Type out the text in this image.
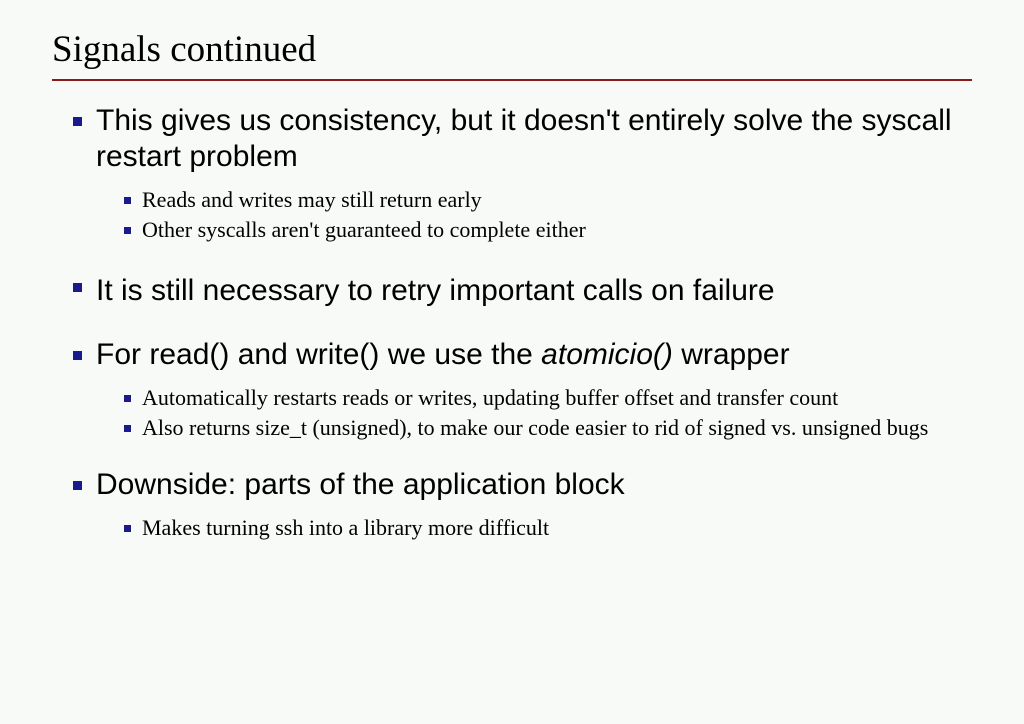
Signals continued
This gives us consistency, but it doesn't entirely solve the syscall restart problem
Reads and writes may still return early
Other syscalls aren't guaranteed to complete either
It is still necessary to retry important calls on failure
For read() and write() we use the atomicio() wrapper
Automatically restarts reads or writes, updating buffer offset and transfer count
Also returns size_t (unsigned), to make our code easier to rid of signed vs. unsigned bugs
Downside: parts of the application block
Makes turning ssh into a library more difficult
